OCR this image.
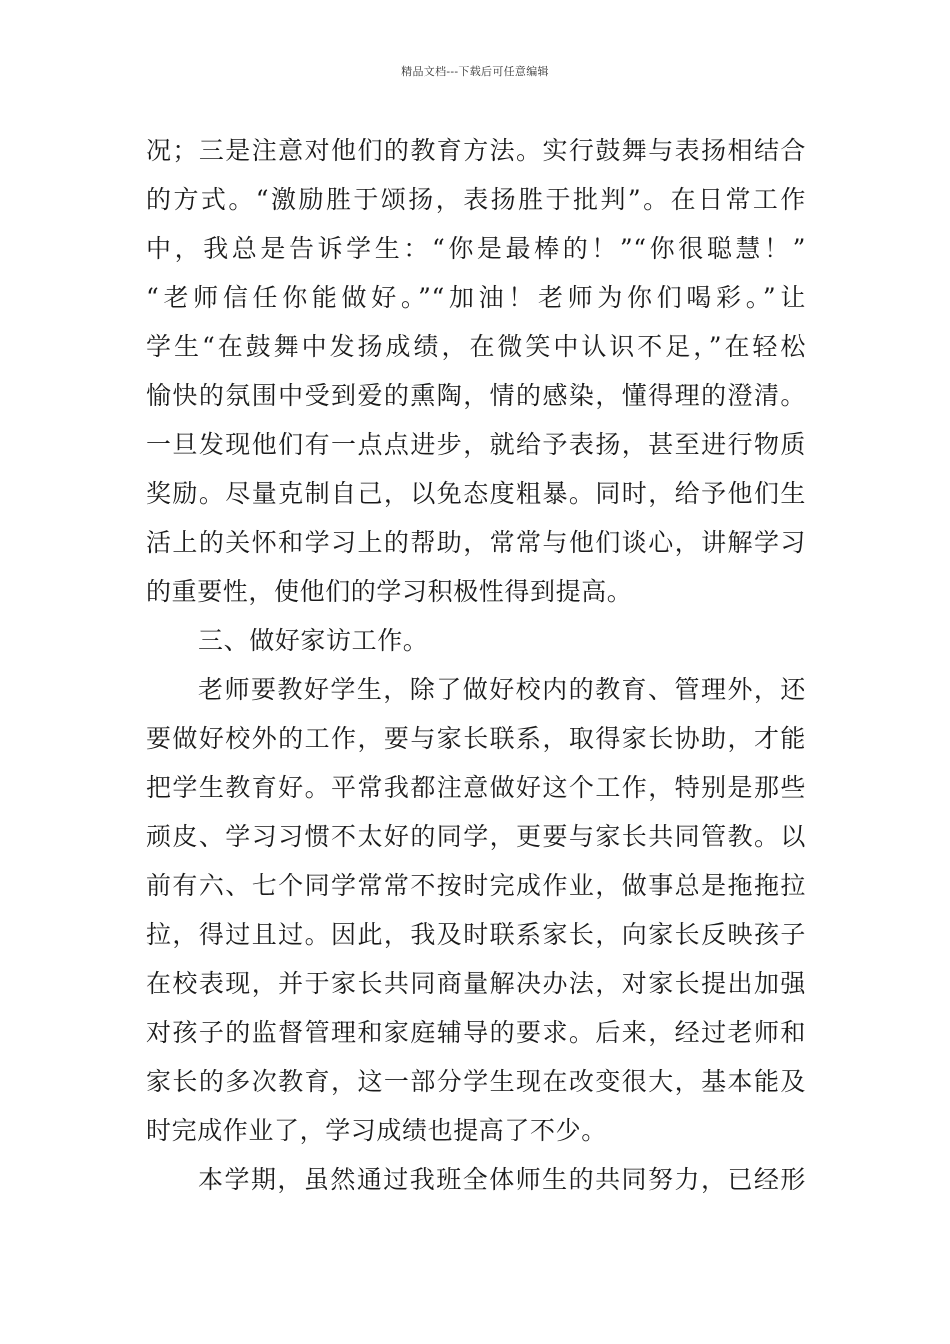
精品文档---下载后可任意编辑
况；三是注意对他们的教育方法。实行鼓舞与表扬相结合
的方式。“激励胜于颂扬，表扬胜于批判”。在日常工作
中，我总是告诉学生：“你是最棒的！”“你很聪慧！”
“老师信任你能做好。”“加油！老师为你们喝彩。”让
学生“在鼓舞中发扬成绩，在微笑中认识不足，”在轻松
愉快的氛围中受到爱的熏陶，情的感染，懂得理的澄清。
一旦发现他们有一点点进步，就给予表扬，甚至进行物质
奖励。尽量克制自己，以免态度粗暴。同时，给予他们生
活上的关怀和学习上的帮助，常常与他们谈心，讲解学习
的重要性，使他们的学习积极性得到提高。
三、做好家访工作。
老师要教好学生，除了做好校内的教育、管理外，还
要做好校外的工作，要与家长联系，取得家长协助，才能
把学生教育好。平常我都注意做好这个工作，特别是那些
顽皮、学习习惯不太好的同学，更要与家长共同管教。以
前有六、七个同学常常不按时完成作业，做事总是拖拖拉
拉，得过且过。因此，我及时联系家长，向家长反映孩子
在校表现，并于家长共同商量解决办法，对家长提出加强
对孩子的监督管理和家庭辅导的要求。后来，经过老师和
家长的多次教育，这一部分学生现在改变很大，基本能及
时完成作业了，学习成绩也提高了不少。
本学期，虽然通过我班全体师生的共同努力，已经形
